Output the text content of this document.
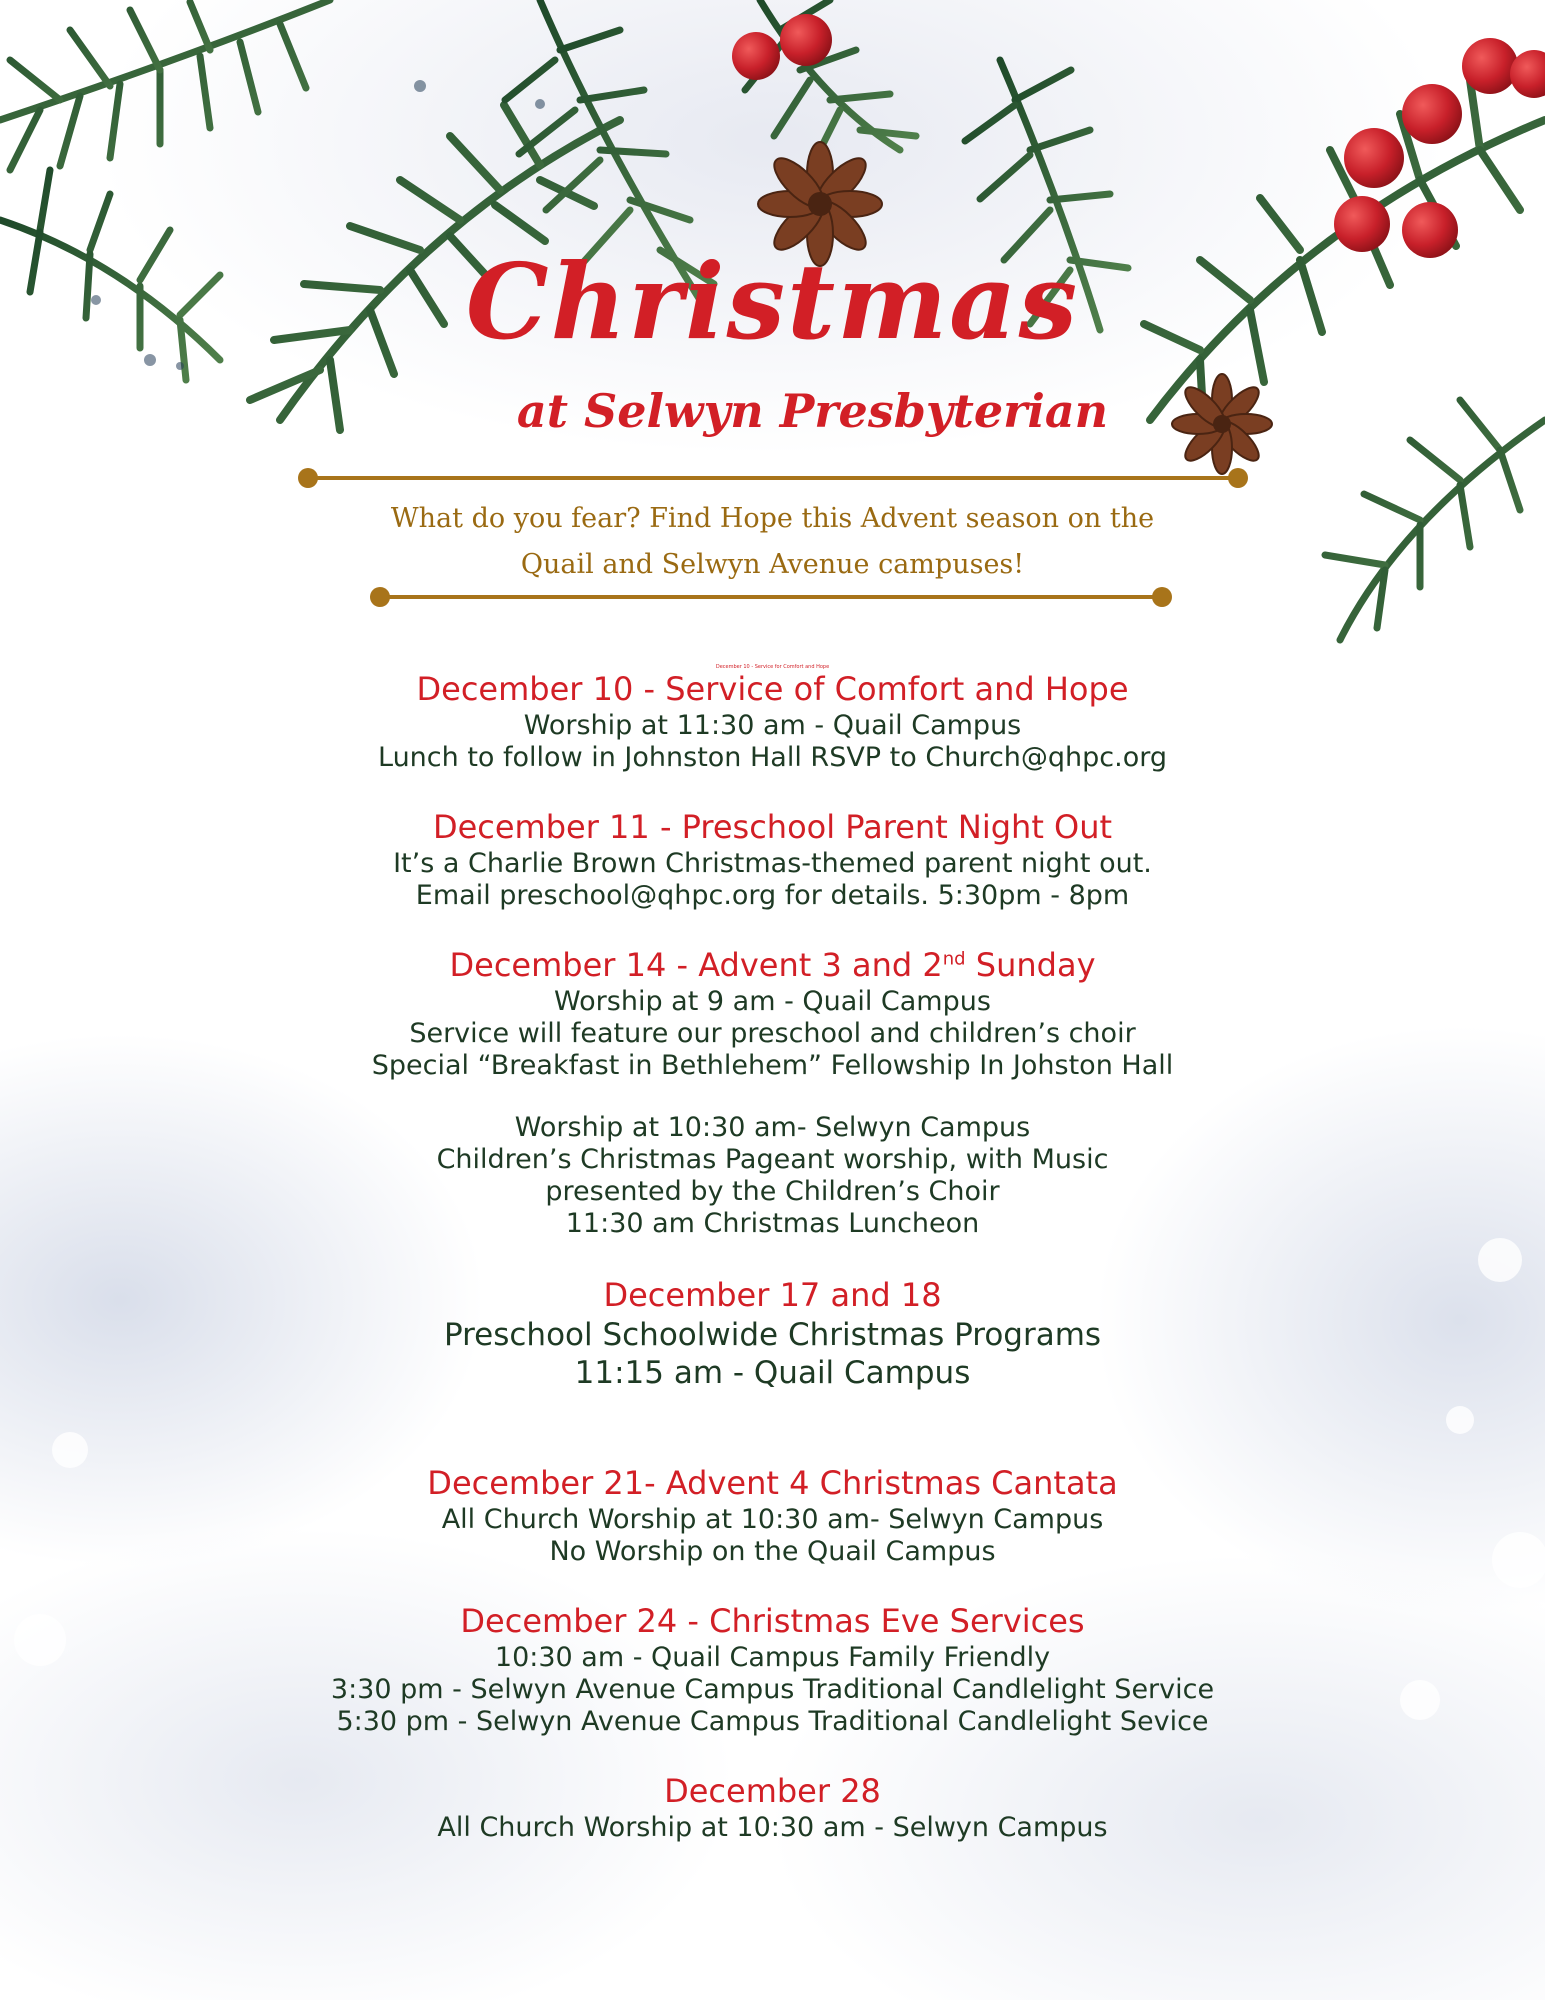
Christmas
at Selwyn Presbyterian
What do you fear? Find Hope this Advent season on the
Quail and Selwyn Avenue campuses!
December 10 - Service for Comfort and Hope

December 10 - Service of Comfort and Hope

Worship at 11:30 am - Quail Campus

Lunch to follow in Johnston Hall RSVP to Church@qhpc.org

December 11 - Preschool Parent Night Out

It’s a Charlie Brown Christmas-themed parent night out.

Email preschool@qhpc.org for details. 5:30pm - 8pm

December 14 - Advent 3 and 2nd Sunday

Worship at 9 am - Quail Campus

Service will feature our preschool and children’s choir

Special “Breakfast in Bethlehem” Fellowship In Johston Hall

Worship at 10:30 am- Selwyn Campus

Children’s Christmas Pageant worship, with Music

presented by the Children’s Choir

11:30 am Christmas Luncheon

December 17 and 18

Preschool Schoolwide Christmas Programs

11:15 am - Quail Campus

December 21- Advent 4 Christmas Cantata

All Church Worship at 10:30 am- Selwyn Campus

No Worship on the Quail Campus

December 24 - Christmas Eve Services

10:30 am - Quail Campus Family Friendly

3:30 pm - Selwyn Avenue Campus Traditional Candlelight Service

5:30 pm - Selwyn Avenue Campus Traditional Candlelight Sevice

December 28

All Church Worship at 10:30 am - Selwyn Campus
